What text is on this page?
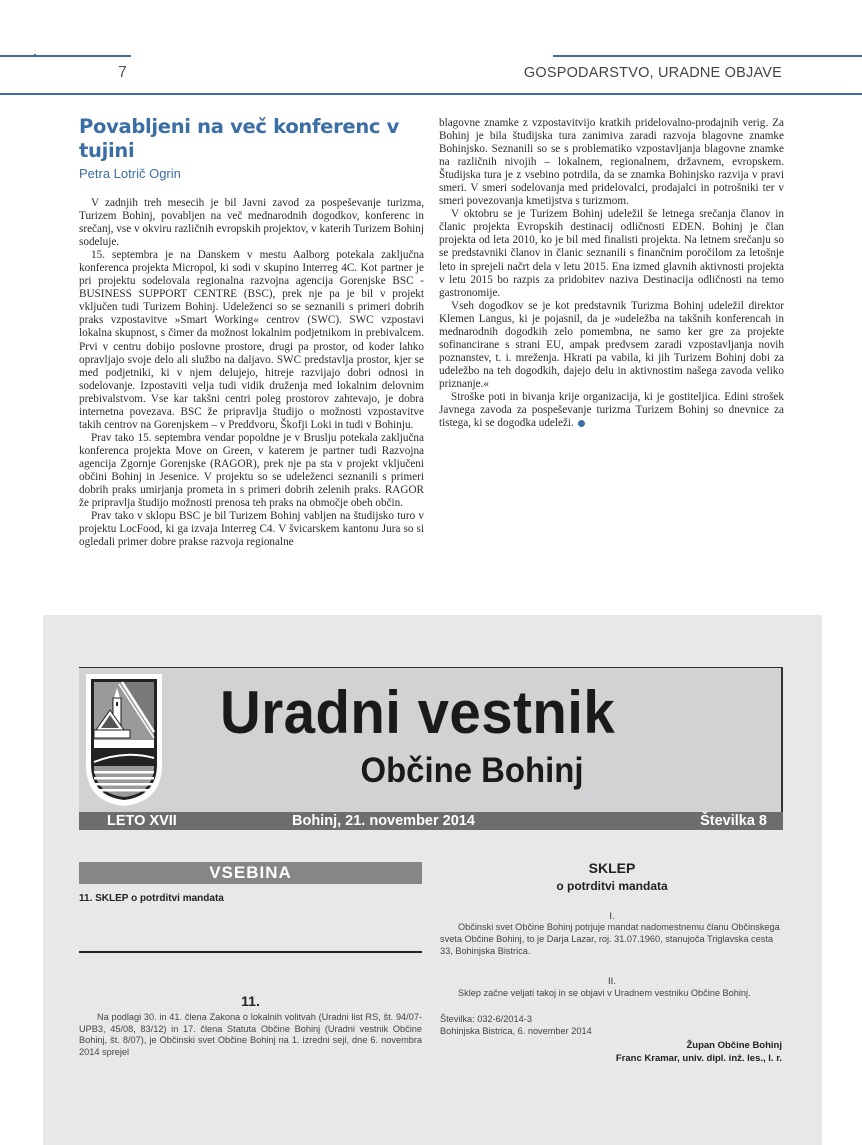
7	GOSPODARSTVO, URADNE OBJAVE
Povabljeni na več konferenc v tujini
Petra Lotrič Ogrin

V zadnjih treh mesecih je bil Javni zavod za pospeševanje turizma, Turizem Bohinj, povabljen na več mednarodnih dogodkov, konferenc in srečanj, vse v okviru različnih evropskih projektov, v katerih Turizem Bohinj sodeluje.

15. septembra je na Danskem v mestu Aalborg potekala zaključna konferenca projekta Micropol, ki sodi v skupino Interreg 4C. Kot partner je pri projektu sodelovala regionalna razvojna agencija Gorenjske BSC - BUSINESS SUPPORT CENTRE (BSC), prek nje pa je bil v projekt vključen tudi Turizem Bohinj. Udeleženci so se seznanili s primeri dobrih praks vzpostavitve »Smart Working« centrov (SWC). SWC vzpostavi lokalna skupnost, s čimer da možnost lokalnim podjetnikom in prebivalcem. Prvi v centru dobijo poslovne prostore, drugi pa prostor, od koder lahko opravljajo svoje delo ali službo na daljavo. SWC predstavlja prostor, kjer se med podjetniki, ki v njem delujejo, hitreje razvijajo dobri odnosi in sodelovanje. Izpostaviti velja tudi vidik druženja med lokalnim delovnim prebivalstvom. Vse kar takšni centri poleg prostorov zahtevajo, je dobra internetna povezava. BSC že pripravlja študijo o možnosti vzpostavitve takih centrov na Gorenjskem – v Preddvoru, Škofji Loki in tudi v Bohinju.

Prav tako 15. septembra vendar popoldne je v Bruslju potekala zaključna konferenca projekta Move on Green, v katerem je partner tudi Razvojna agencija Zgornje Gorenjske (RAGOR), prek nje pa sta v projekt vključeni občini Bohinj in Jesenice. V projektu so se udeleženci seznanili s primeri dobrih praks umirjanja prometa in s primeri dobrih zelenih praks. RAGOR že pripravlja študijo možnosti prenosa teh praks na območje obeh občin.

Prav tako v sklopu BSC je bil Turizem Bohinj vabljen na študijsko turo v projektu LocFood, ki ga izvaja Interreg C4. V švicarskem kantonu Jura so si ogledali primer dobre prakse razvoja regionalne

blagovne znamke z vzpostavitvijo kratkih pridelovalno-prodajnih verig. Za Bohinj je bila študijska tura zanimiva zaradi razvoja blagovne znamke Bohinjsko. Seznanili so se s problematiko vzpostavljanja blagovne znamke na različnih nivojih – lokalnem, regionalnem, državnem, evropskem. Študijska tura je z vsebino potrdila, da se znamka Bohinjsko razvija v pravi smeri. V smeri sodelovanja med pridelovalci, prodajalci in potrošniki ter v smeri povezovanja kmetijstva s turizmom.

V oktobru se je Turizem Bohinj udeležil še letnega srečanja članov in članic projekta Evropskih destinacij odličnosti EDEN. Bohinj je član projekta od leta 2010, ko je bil med finalisti projekta. Na letnem srečanju so se predstavniki članov in članic seznanili s finančnim poročilom za letošnje leto in sprejeli načrt dela v letu 2015. Ena izmed glavnih aktivnosti projekta v letu 2015 bo razpis za pridobitev naziva Destinacija odličnosti na temo gastronomije.

Vseh dogodkov se je kot predstavnik Turizma Bohinj udeležil direktor Klemen Langus, ki je pojasnil, da je »udeležba na takšnih konferencah in mednarodnih dogodkih zelo pomembna, ne samo ker gre za projekte sofinancirane s strani EU, ampak predvsem zaradi vzpostavljanja novih poznanstev, t. i. mreženja. Hkrati pa vabila, ki jih Turizem Bohinj dobi za udeležbo na teh dogodkih, dajejo delu in aktivnostim našega zavoda veliko priznanje.«

Stroške poti in bivanja krije organizacija, ki je gostiteljica. Edini strošek Javnega zavoda za pospeševanje turizma Turizem Bohinj so dnevnice za tistega, ki se dogodka udeleži.

Uradni vestnik
Občine Bohinj
LETO XVII	Bohinj, 21. november 2014	Številka 8
VSEBINA
11. SKLEP o potrditvi mandata
11.

Na podlagi 30. in 41. člena Zakona o lokalnih volitvah (Uradni list RS, št. 94/07-UPB3, 45/08, 83/12) in 17. člena Statuta Občine Bohinj (Uradni vestnik Občine Bohinj, št. 8/07), je Občinski svet Občine Bohinj na 1. izredni seji, dne 6. novembra 2014 sprejel

SKLEP
o potrditvi mandata
I.

Občinski svet Občine Bohinj potrjuje mandat nadomestnemu članu Občinskega sveta Občine Bohinj, to je Darja Lazar, roj. 31.07.1960, stanujoča Triglavska cesta 33, Bohinjska Bistrica.

II.

Sklep začne veljati takoj in se objavi v Uradnem vestniku Občine Bohinj.

Številka: 032-6/2014-3
Bohinjska Bistrica, 6. november 2014
Župan Občine Bohinj
Franc Kramar, univ. dipl. inž. les., l. r.
